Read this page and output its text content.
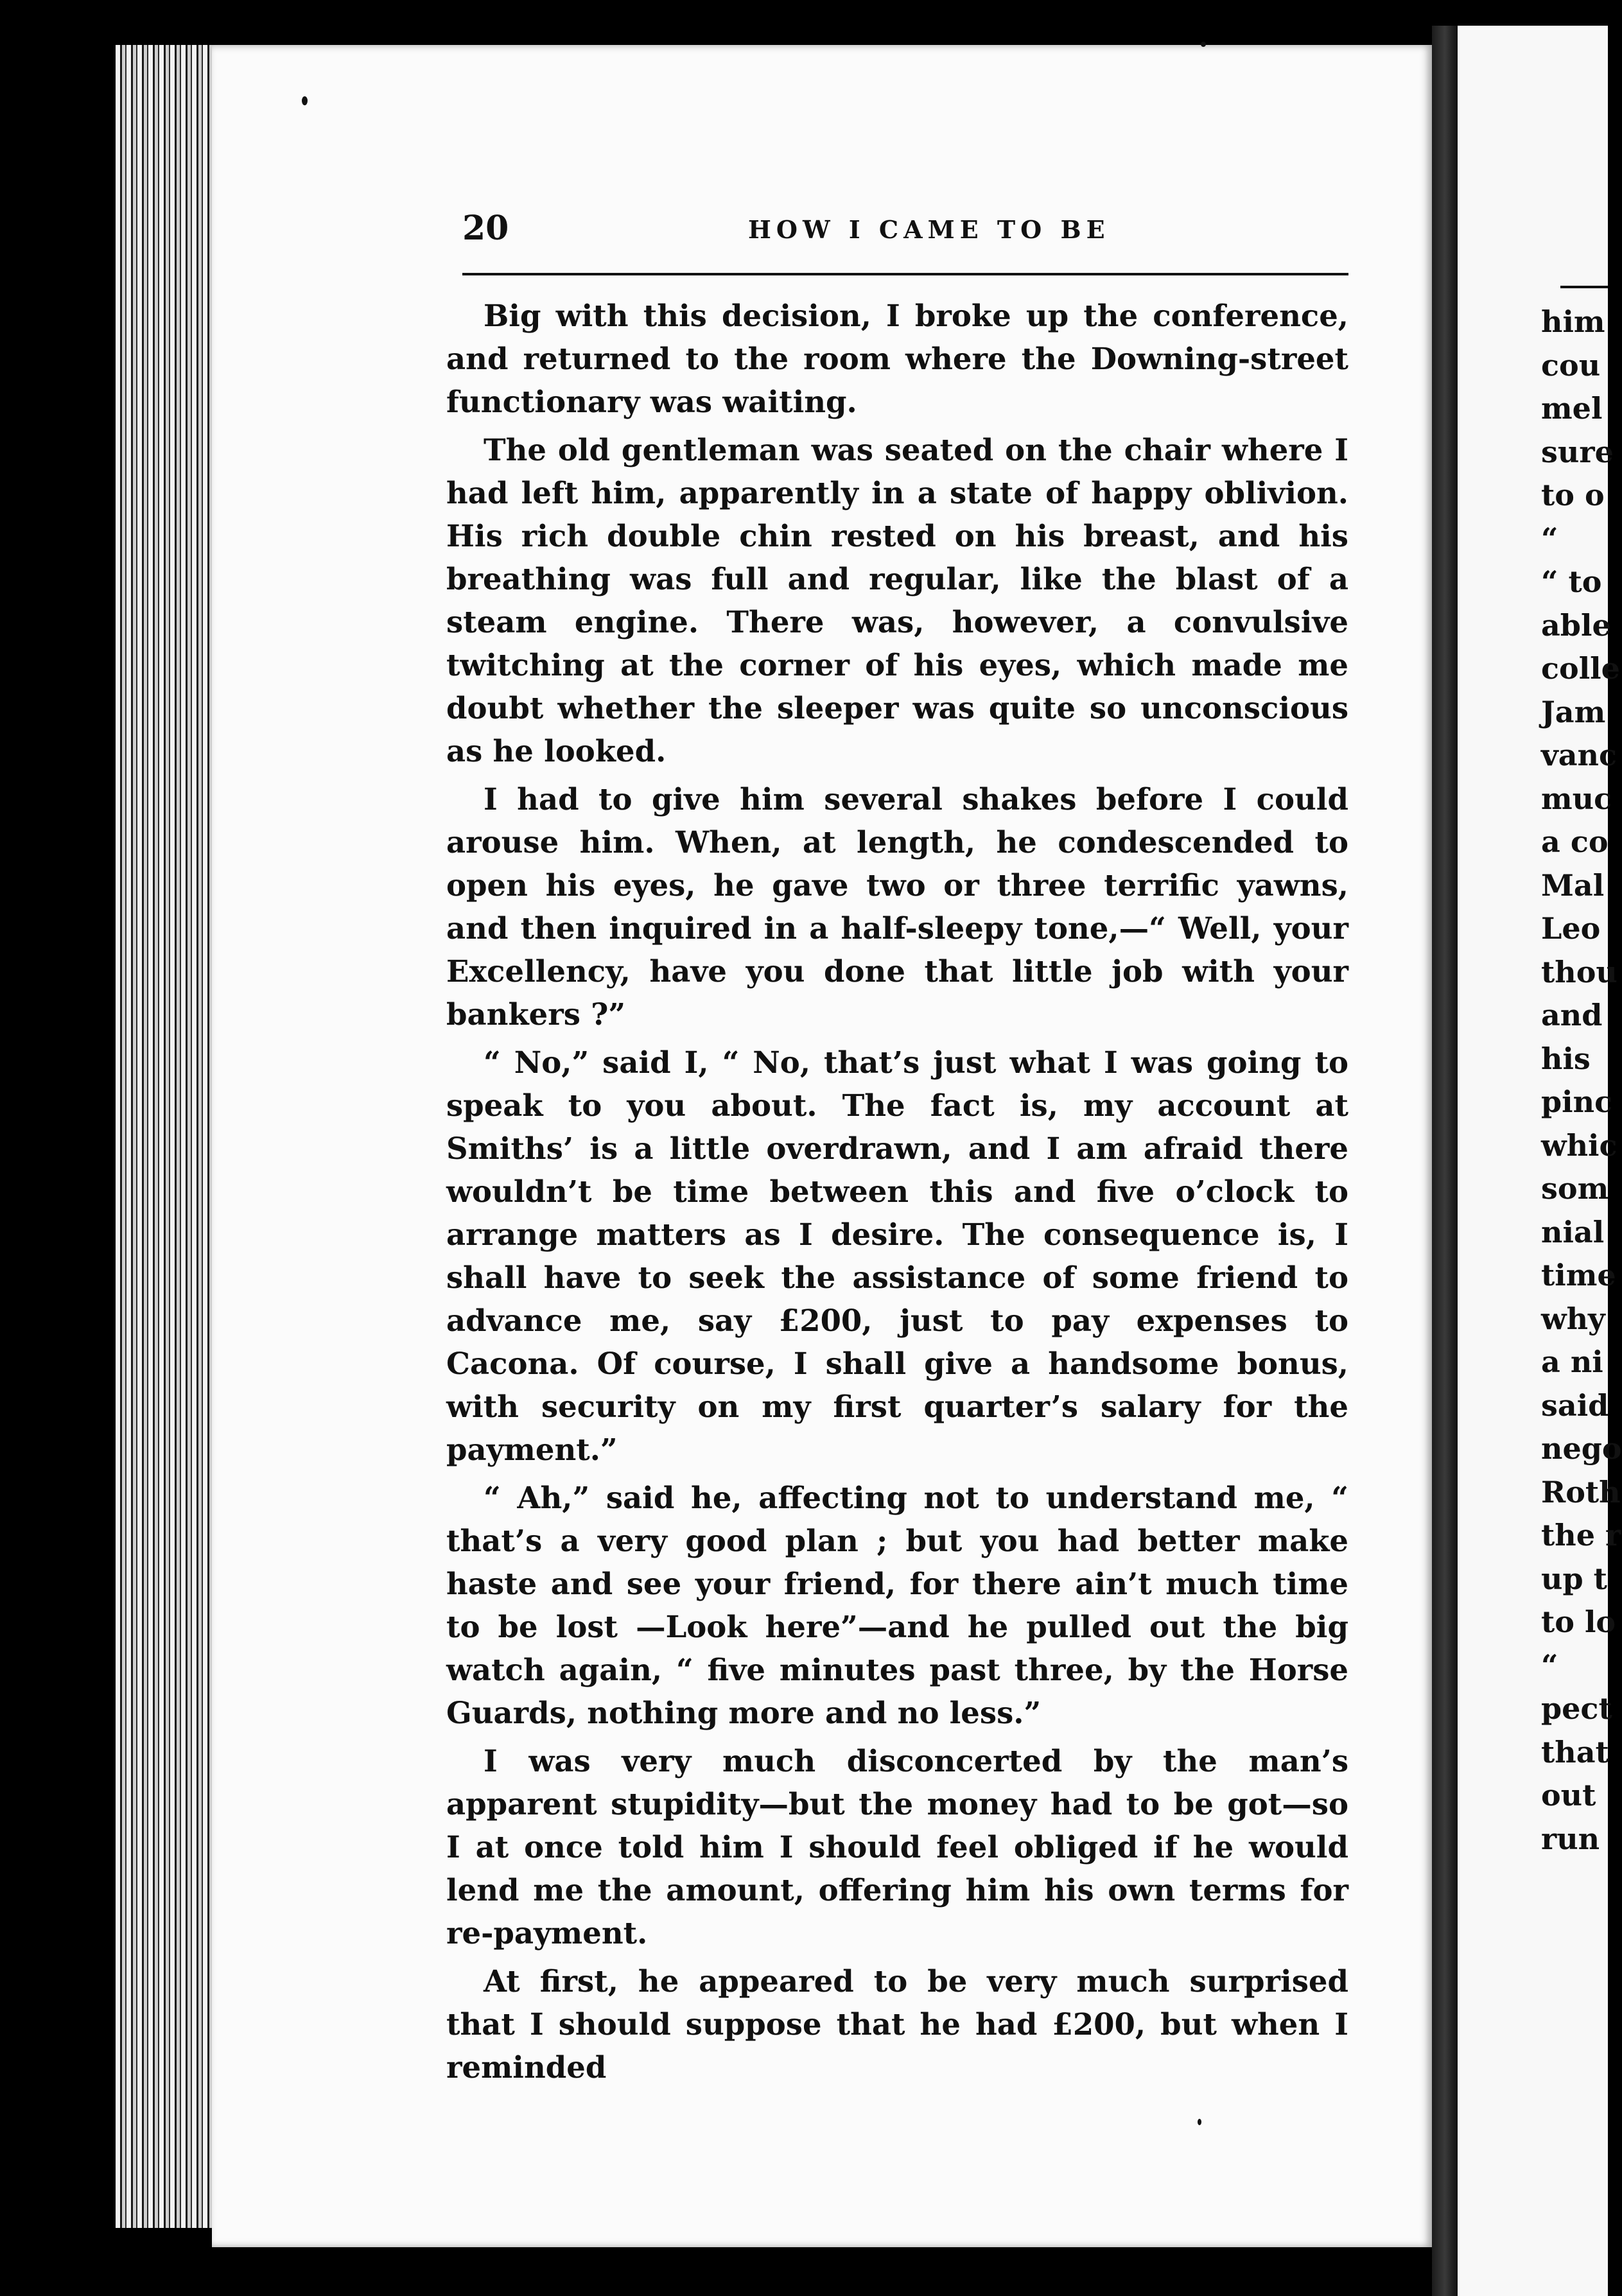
20	HOW I CAME TO BE

Big with this decision, I broke up the conference, and returned to the room where the Downing-street functionary was waiting.

The old gentleman was seated on the chair where I had left him, apparently in a state of happy oblivion. His rich double chin rested on his breast, and his breathing was full and regular, like the blast of a steam engine. There was, however, a convulsive twitching at the corner of his eyes, which made me doubt whether the sleeper was quite so unconscious as he looked.

I had to give him several shakes before I could arouse him. When, at length, he condescended to open his eyes, he gave two or three terrific yawns, and then inquired in a half-sleepy tone,—“ Well, your Excellency, have you done that little job with your bankers ?”

“ No,” said I, “ No, that’s just what I was going to speak to you about. The fact is, my account at Smiths’ is a little overdrawn, and I am afraid there wouldn’t be time between this and five o’clock to arrange matters as I desire. The consequence is, I shall have to seek the assistance of some friend to advance me, say £200, just to pay expenses to Cacona. Of course, I shall give a handsome bonus, with security on my first quarter’s salary for the payment.”

“ Ah,” said he, affecting not to understand me, “ that’s a very good plan ; but you had better make haste and see your friend, for there ain’t much time to be lost —Look here”—and he pulled out the big watch again, “ five minutes past three, by the Horse Guards, nothing more and no less.”

I was very much disconcerted by the man’s apparent stupidity—but the money had to be got—so I at once told him I should feel obliged if he would lend me the amount, offering him his own terms for re-payment.

At first, he appeared to be very much surprised that I should suppose that he had £200, but when I reminded

him
cou
mel
sure
to o
“
“ to
able
colle
Jam
vanc
muc
a co
Mal
Leo
thou
and
his
pinc
whic
som
nial
time
why
a ni
said
nego
Roth
the r
up t
to lo
“
pect
that
out
run
